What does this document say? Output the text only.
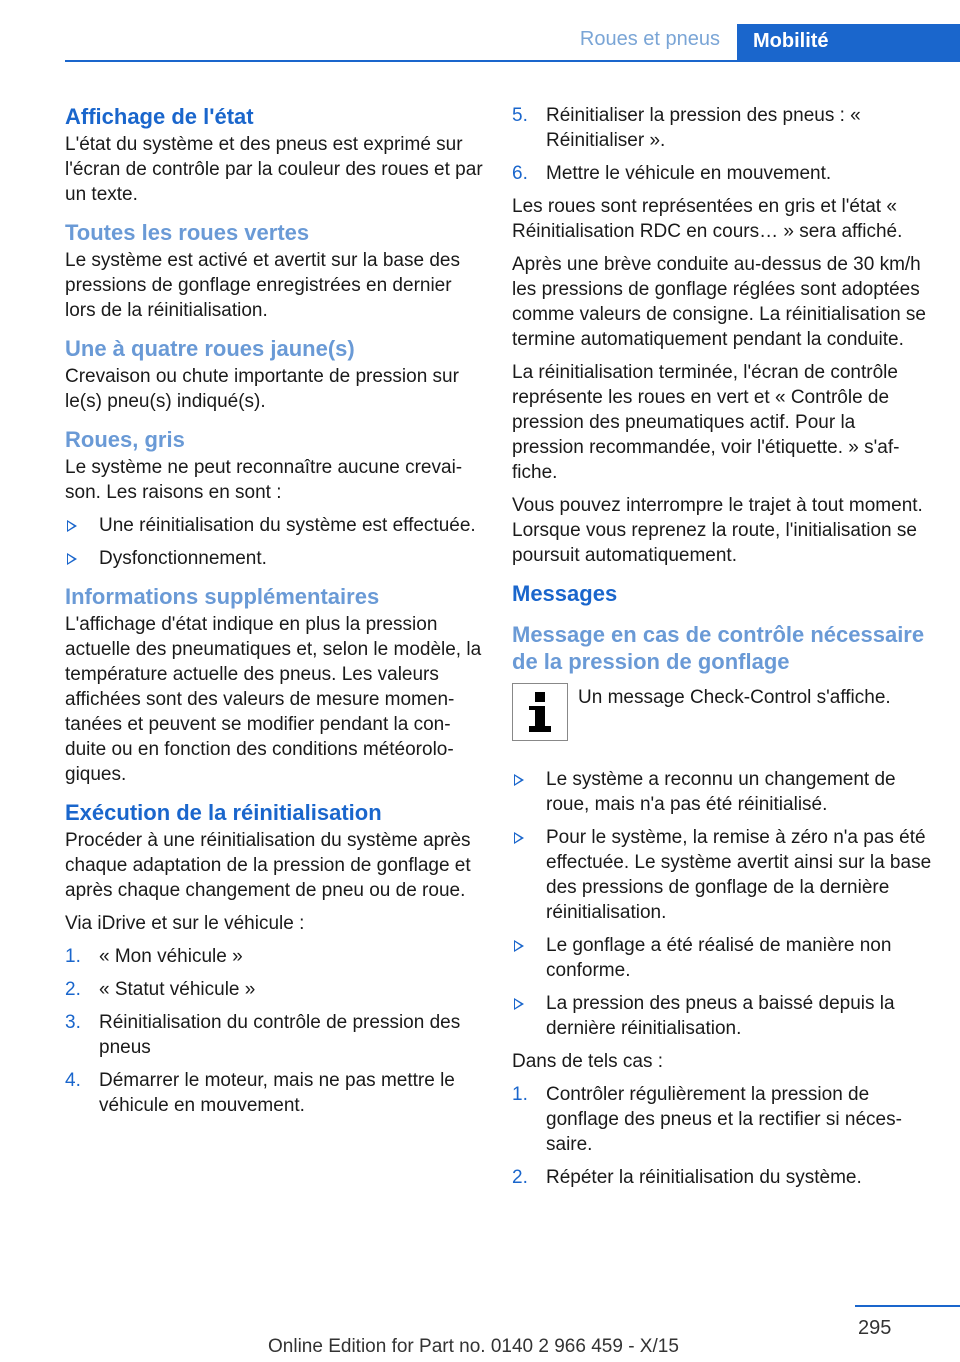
Roues et pneus	Mobilité
Affichage de l'état
L'état du système et des pneus est exprimé sur l'écran de contrôle par la couleur des roues et par un texte.
Toutes les roues vertes
Le système est activé et avertit sur la base des pressions de gonflage enregistrées en dernier lors de la réinitialisation.
Une à quatre roues jaune(s)
Crevaison ou chute importante de pression sur le(s) pneu(s) indiqué(s).
Roues, gris
Le système ne peut reconnaître aucune crevaison. Les raisons en sont :
Une réinitialisation du système est effectuée.
Dysfonctionnement.
Informations supplémentaires
L'affichage d'état indique en plus la pression actuelle des pneumatiques et, selon le modèle, la température actuelle des pneus. Les valeurs affichées sont des valeurs de mesure momentanées et peuvent se modifier pendant la conduite ou en fonction des conditions météorologiques.
Exécution de la réinitialisation
Procéder à une réinitialisation du système après chaque adaptation de la pression de gonflage et après chaque changement de pneu ou de roue.
Via iDrive et sur le véhicule :
1. « Mon véhicule »
2. « Statut véhicule »
3. Réinitialisation du contrôle de pression des pneus
4. Démarrer le moteur, mais ne pas mettre le véhicule en mouvement.
5. Réinitialiser la pression des pneus : « Réinitialiser ».
6. Mettre le véhicule en mouvement.
Les roues sont représentées en gris et l'état « Réinitialisation RDC en cours… » sera affiché.
Après une brève conduite au-dessus de 30 km/h les pressions de gonflage réglées sont adoptées comme valeurs de consigne. La réinitialisation se termine automatiquement pendant la conduite.
La réinitialisation terminée, l'écran de contrôle représente les roues en vert et « Contrôle de pression des pneumatiques actif. Pour la pression recommandée, voir l'étiquette. » s'affiche.
Vous pouvez interrompre le trajet à tout moment. Lorsque vous reprenez la route, l'initialisation se poursuit automatiquement.
Messages
Message en cas de contrôle nécessaire de la pression de gonflage
Un message Check-Control s'affiche.
Le système a reconnu un changement de roue, mais n'a pas été réinitialisé.
Pour le système, la remise à zéro n'a pas été effectuée. Le système avertit ainsi sur la base des pressions de gonflage de la dernière réinitialisation.
Le gonflage a été réalisé de manière non conforme.
La pression des pneus a baissé depuis la dernière réinitialisation.
Dans de tels cas :
1. Contrôler régulièrement la pression de gonflage des pneus et la rectifier si nécessaire.
2. Répéter la réinitialisation du système.
295
Online Edition for Part no. 0140 2 966 459 - X/15
